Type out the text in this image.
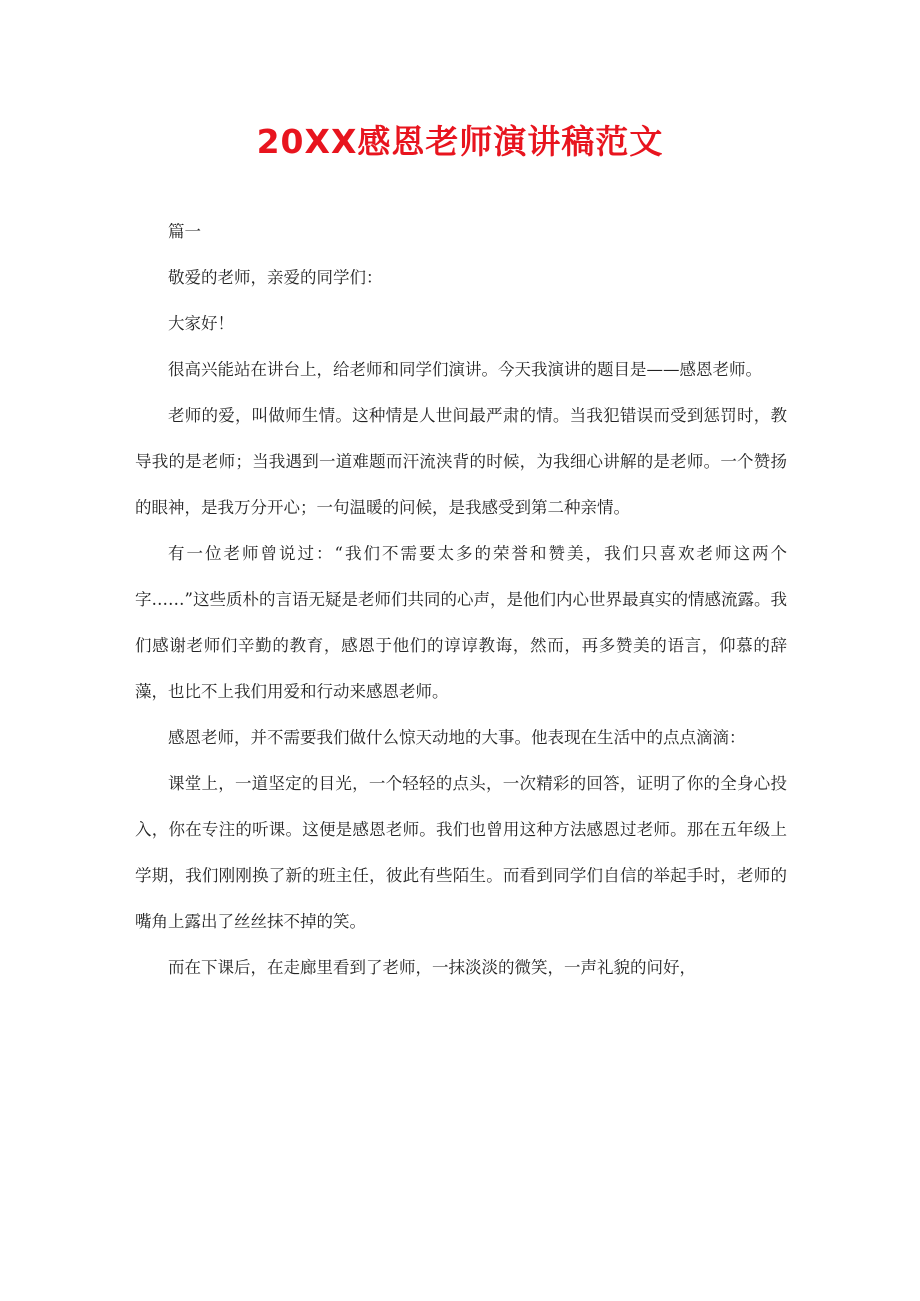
20XX感恩老师演讲稿范文

篇一

敬爱的老师，亲爱的同学们：

大家好！

很高兴能站在讲台上，给老师和同学们演讲。今天我演讲的题目是——感恩老师。

老师的爱，叫做师生情。这种情是人世间最严肃的情。当我犯错误而受到惩罚时，教导我的是老师；当我遇到一道难题而汗流浃背的时候，为我细心讲解的是老师。一个赞扬的眼神，是我万分开心；一句温暖的问候，是我感受到第二种亲情。

有一位老师曾说过：“我们不需要太多的荣誉和赞美，我们只喜欢老师这两个字……”这些质朴的言语无疑是老师们共同的心声，是他们内心世界最真实的情感流露。我们感谢老师们辛勤的教育，感恩于他们的谆谆教诲，然而，再多赞美的语言，仰慕的辞藻，也比不上我们用爱和行动来感恩老师。

感恩老师，并不需要我们做什么惊天动地的大事。他表现在生活中的点点滴滴：

课堂上，一道坚定的目光，一个轻轻的点头，一次精彩的回答，证明了你的全身心投入，你在专注的听课。这便是感恩老师。我们也曾用这种方法感恩过老师。那在五年级上学期，我们刚刚换了新的班主任，彼此有些陌生。而看到同学们自信的举起手时，老师的嘴角上露出了丝丝抹不掉的笑。

而在下课后，在走廊里看到了老师，一抹淡淡的微笑，一声礼貌的问好，
